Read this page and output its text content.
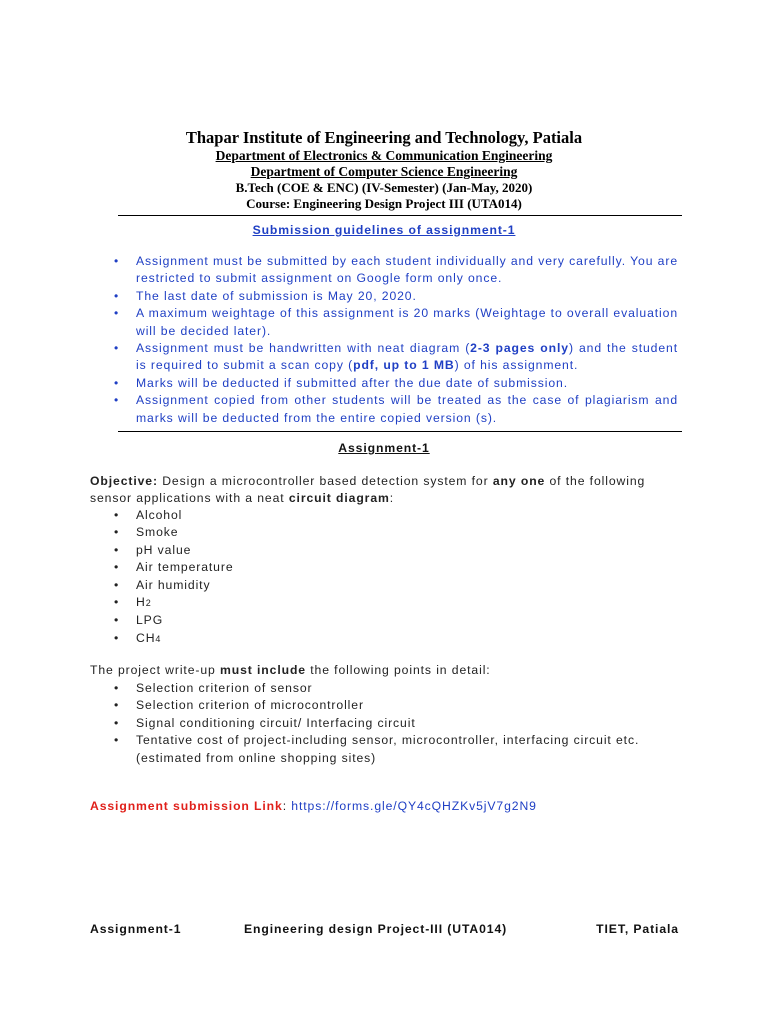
Thapar Institute of Engineering and Technology, Patiala
Department of Electronics & Communication Engineering
Department of Computer Science Engineering
B.Tech (COE & ENC) (IV-Semester) (Jan-May, 2020)
Course: Engineering Design Project III (UTA014)
Submission guidelines of assignment-1
• Assignment must be submitted by each student individually and very carefully. You are restricted to submit assignment on Google form only once.
• The last date of submission is May 20, 2020.
• A maximum weightage of this assignment is 20 marks (Weightage to overall evaluation will be decided later).
• Assignment must be handwritten with neat diagram (2-3 pages only) and the student is required to submit a scan copy (pdf, up to 1 MB) of his assignment.
• Marks will be deducted if submitted after the due date of submission.
• Assignment copied from other students will be treated as the case of plagiarism and marks will be deducted from the entire copied version (s).
Assignment-1
Objective: Design a microcontroller based detection system for any one of the following sensor applications with a neat circuit diagram:
• Alcohol
• Smoke
• pH value
• Air temperature
• Air humidity
• H2
• LPG
• CH4
The project write-up must include the following points in detail:
• Selection criterion of sensor
• Selection criterion of microcontroller
• Signal conditioning circuit/ Interfacing circuit
• Tentative cost of project-including sensor, microcontroller, interfacing circuit etc. (estimated from online shopping sites)
Assignment submission Link: https://forms.gle/QY4cQHZKv5jV7g2N9
Assignment-1	Engineering design Project-III (UTA014)	TIET, Patiala
